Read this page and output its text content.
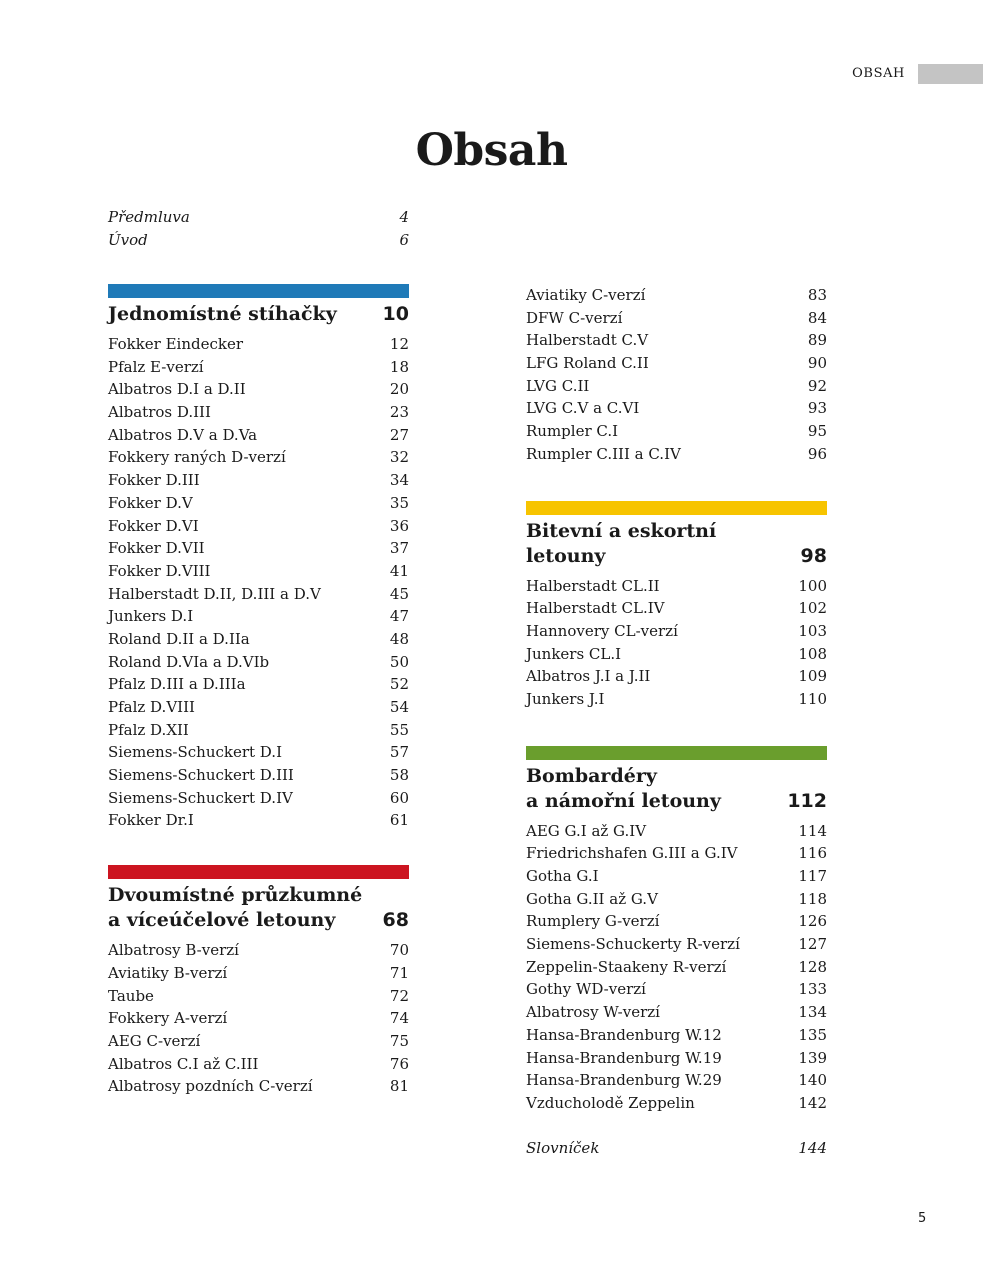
OBSAH
Obsah
Předmluva	4
Úvod	6
Jednomístné stíhačky 10
Fokker Eindecker	12
Pfalz E-verzí	18
Albatros D.I a D.II	20
Albatros D.III	23
Albatros D.V a D.Va	27
Fokkery raných D-verzí	32
Fokker D.III	34
Fokker D.V	35
Fokker D.VI	36
Fokker D.VII	37
Fokker D.VIII	41
Halberstadt D.II, D.III a D.V	45
Junkers D.I	47
Roland D.II a D.IIa	48
Roland D.VIa a D.VIb	50
Pfalz D.III a D.IIIa	52
Pfalz D.VIII	54
Pfalz D.XII	55
Siemens-Schuckert D.I	57
Siemens-Schuckert D.III	58
Siemens-Schuckert D.IV	60
Fokker Dr.I	61
Dvoumístné průzkumné
a víceúčelové letouny	68
Albatrosy B-verzí	70
Aviatiky B-verzí	71
Taube	72
Fokkery A-verzí	74
AEG C-verzí	75
Albatros C.I až C.III	76
Albatrosy pozdních C-verzí	81
Aviatiky C-verzí	83
DFW C-verzí	84
Halberstadt C.V	89
LFG Roland C.II	90
LVG C.II	92
LVG C.V a C.VI	93
Rumpler C.I	95
Rumpler C.III a C.IV	96
Bitevní a eskortní letouny	98
Halberstadt CL.II	100
Halberstadt CL.IV	102
Hannovery CL-verzí	103
Junkers CL.I	108
Albatros J.I a J.II	109
Junkers J.I	110
Bombardéry
a námořní letouny	112
AEG G.I až G.IV	114
Friedrichshafen G.III a G.IV	116
Gotha G.I	117
Gotha G.II až G.V	118
Rumplery G-verzí	126
Siemens-Schuckerty R-verzí	127
Zeppelin-Staakeny R-verzí	128
Gothy WD-verzí	133
Albatrosy W-verzí	134
Hansa-Brandenburg W.12	135
Hansa-Brandenburg W.19	139
Hansa-Brandenburg W.29	140
Vzducholodě Zeppelin	142
Slovníček	144
5
